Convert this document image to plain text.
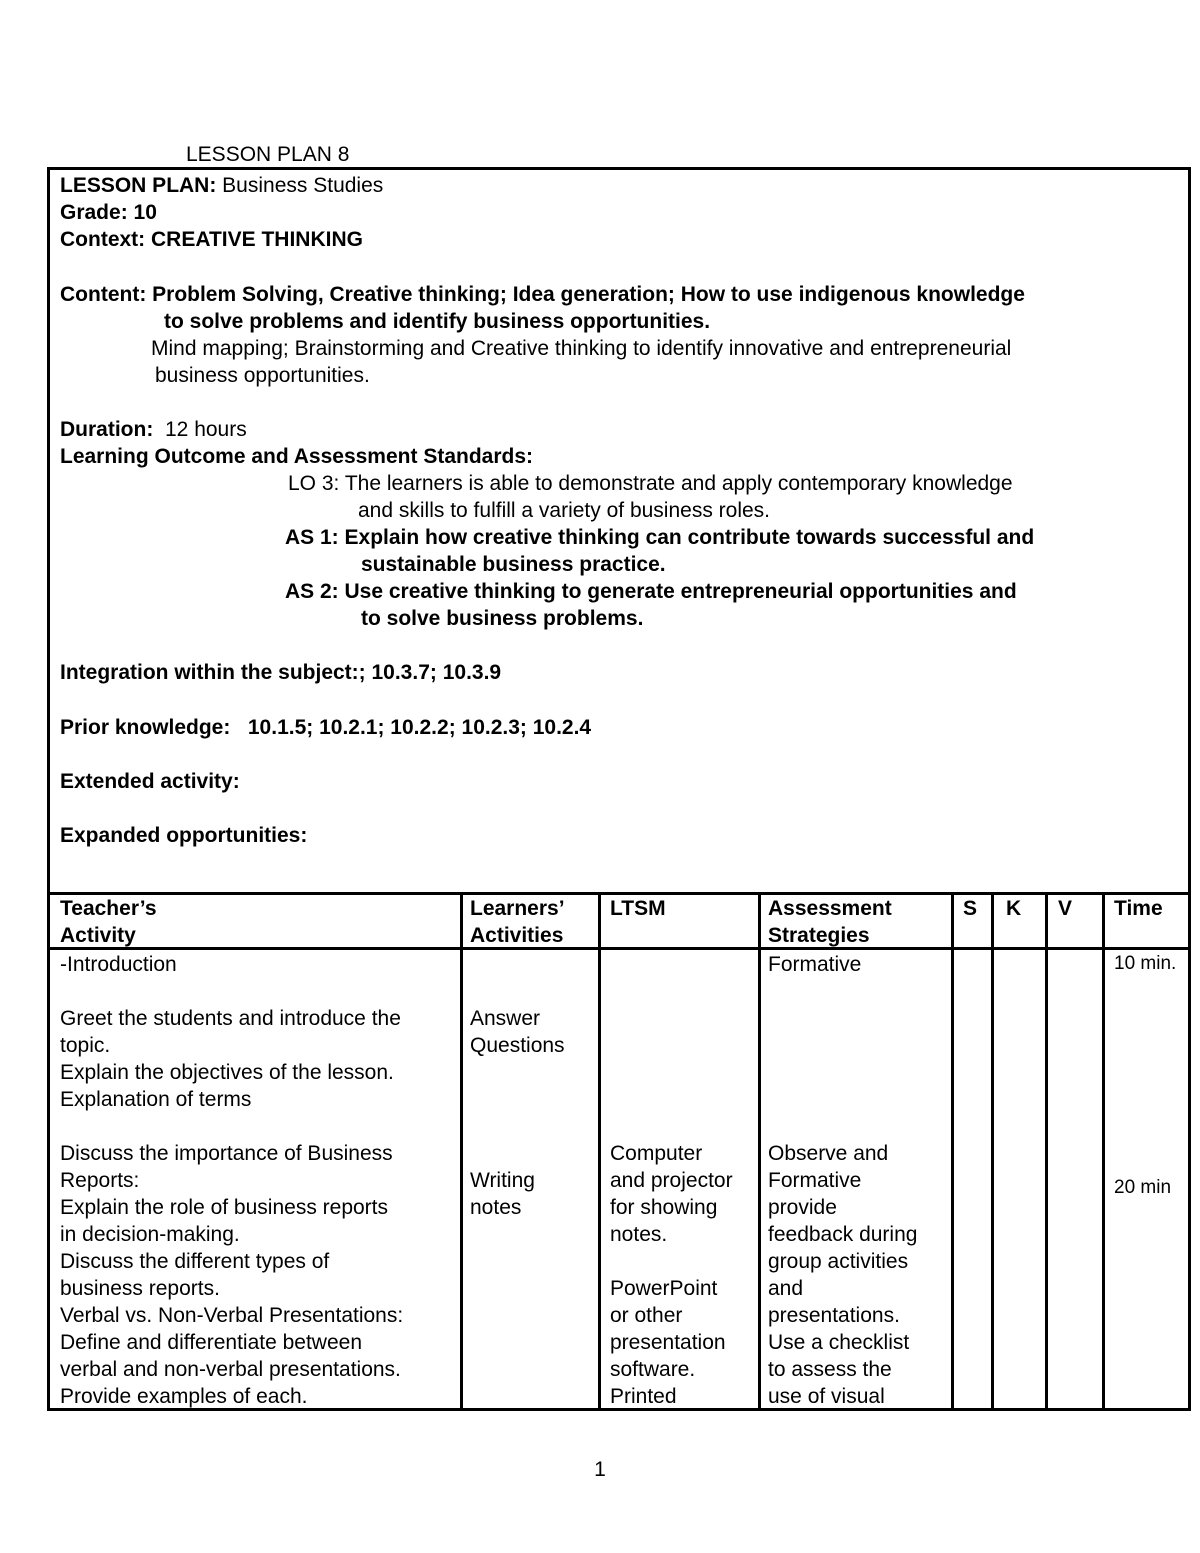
LESSON PLAN 8
LESSON PLAN: Business Studies
Grade: 10
Context: CREATIVE THINKING
Content: Problem Solving, Creative thinking; Idea generation; How to use indigenous knowledge
to solve problems and identify business opportunities.
Mind mapping; Brainstorming and Creative thinking to identify innovative and entrepreneurial
business opportunities.
Duration: 12 hours
Learning Outcome and Assessment Standards:
LO 3: The learners is able to demonstrate and apply contemporary knowledge
and skills to fulfill a variety of business roles.
AS 1: Explain how creative thinking can contribute towards successful and
sustainable business practice.
AS 2: Use creative thinking to generate entrepreneurial opportunities and
to solve business problems.
Integration within the subject:; 10.3.7; 10.3.9
Prior knowledge: 10.1.5; 10.2.1; 10.2.2; 10.2.3; 10.2.4
Extended activity:
Expanded opportunities:
Teacher’s
Activity
Learners’
Activities
LTSM	Assessment
Strategies
S K V Time
-Introduction
Greet the students and introduce the
topic.
Explain the objectives of the lesson.
Explanation of terms
Discuss the importance of Business
Reports:
Explain the role of business reports
in decision-making.
Discuss the different types of
business reports.
Verbal vs. Non-Verbal Presentations:
Define and differentiate between
verbal and non-verbal presentations.
Provide examples of each.
Answer
Questions
Writing
notes
Computer
and projector
for showing
notes.
PowerPoint
or other
presentation
software.
Printed
Formative
Observe and
Formative
provide
feedback during
group activities
and
presentations.
Use a checklist
to assess the
use of visual
10 min.
20 min
1
